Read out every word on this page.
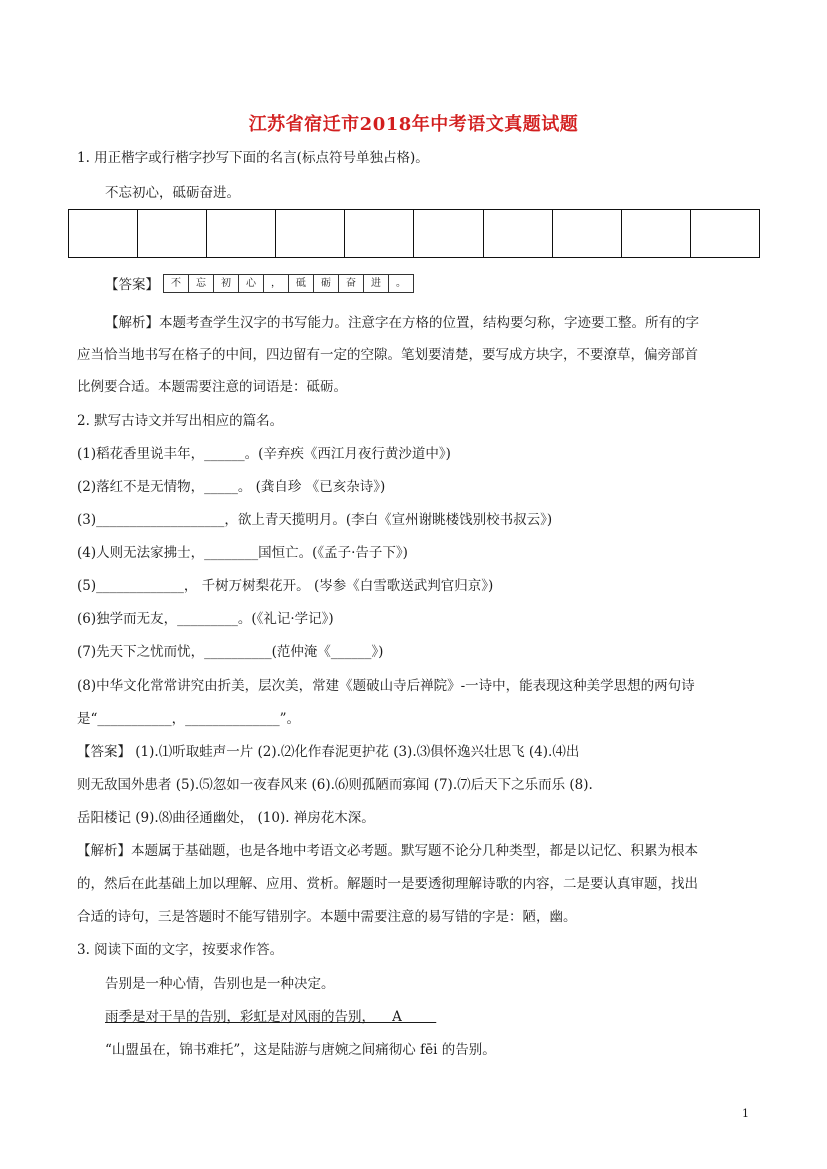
江苏省宿迁市2018年中考语文真题试题
1. 用正楷字或行楷字抄写下面的名言(标点符号单独占格)。
不忘初心，砥砺奋进。
【答案】	不	忘	初	心	，	砥	砺	奋	进	。
【解析】本题考查学生汉字的书写能力。注意字在方格的位置，结构要匀称，字迹要工整。所有的字
应当恰当地书写在格子的中间，四边留有一定的空隙。笔划要清楚，要写成方块字，不要潦草，偏旁部首
比例要合适。本题需要注意的词语是：砥砺。
2. 默写古诗文并写出相应的篇名。
(1)稻花香里说丰年，______。(辛弃疾《西江月夜行黄沙道中》)
(2)落红不是无情物，_____。 (龚自珍 《已亥杂诗》)
(3)___________________，欲上青天揽明月。(李白《宣州谢眺楼饯别校书叔云》)
(4)人则无法家拂士，________国恒亡。(《孟子·告子下》)
(5)_____________， 千树万树梨花开。 (岑参《白雪歌送武判官归京》)
(6)独学而无友，_________。(《礼记·学记》)
(7)先天下之忧而忧，__________(范仲淹《______》)
(8)中华文化常常讲究由折美，层次美，常建《题破山寺后禅院》-一诗中，能表现这种美学思想的两句诗
是“___________，______________”。
【答案】 (1).⑴听取蛙声一片 (2).⑵化作春泥更护花 (3).⑶俱怀逸兴壮思飞 (4).⑷出
则无敌国外患者 (5).⑸忽如一夜春风来 (6).⑹则孤陋而寡闻 (7).⑺后天下之乐而乐 (8).
岳阳楼记 (9).⑻曲径通幽处， (10). 禅房花木深。
【解析】本题属于基础题，也是各地中考语文必考题。默写题不论分几种类型，都是以记忆、积累为根本
的，然后在此基础上加以理解、应用、赏析。解题时一是要透彻理解诗歌的内容，二是要认真审题，找出
合适的诗句，三是答题时不能写错别字。本题中需要注意的易写错的字是：陋，幽。
3. 阅读下面的文字，按要求作答。
告别是一种心情，告别也是一种决定。
雨季是对干旱的告别，彩虹是对风雨的告别，    A
“山盟虽在，锦书难托”，这是陆游与唐婉之间痛彻心 fēi 的告别。
1
